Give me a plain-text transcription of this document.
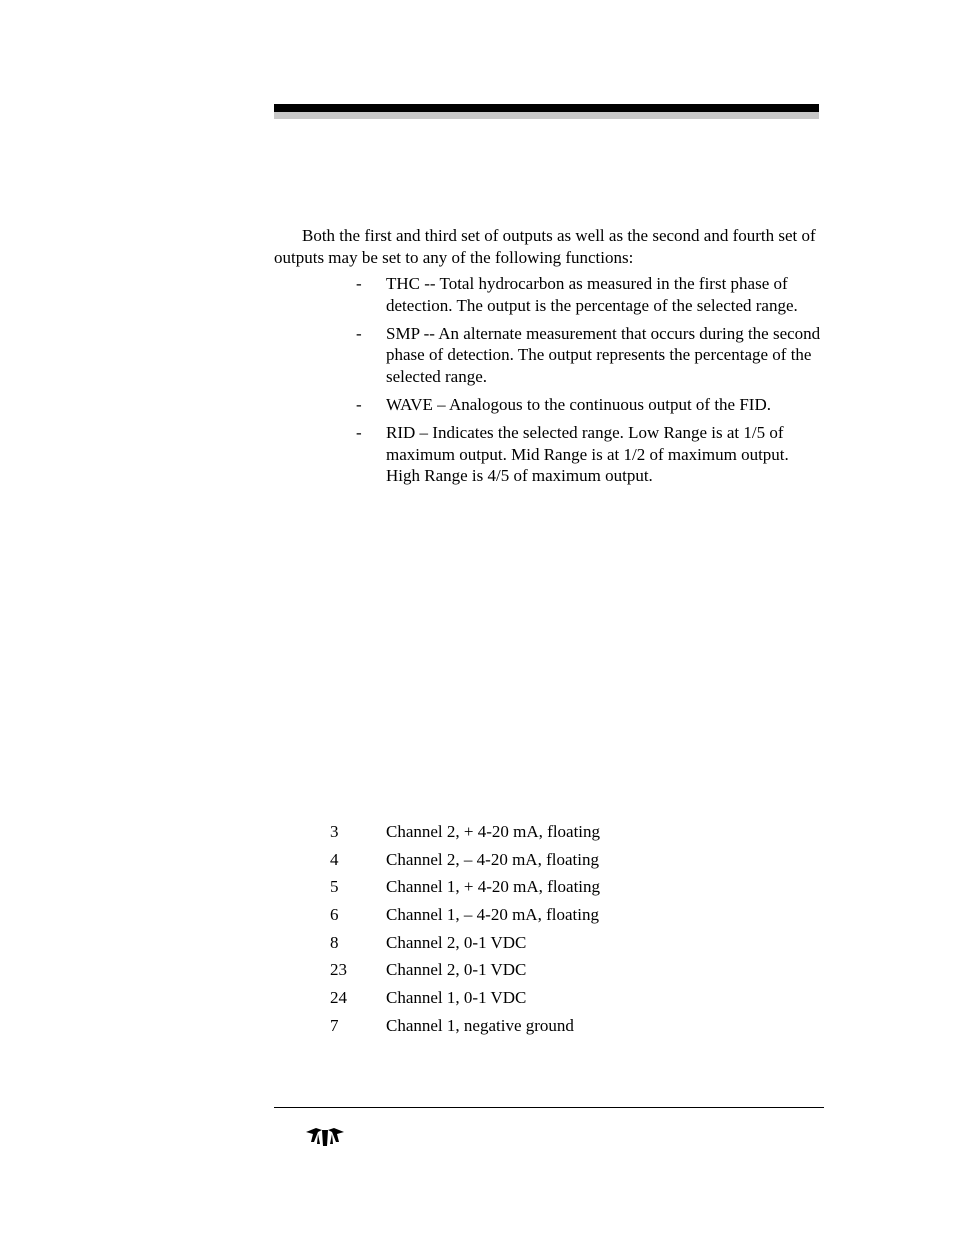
Both the first and third set of outputs as well as the second and fourth set of outputs may be set to any of the following functions:

-	THC -- Total hydrocarbon as measured in the first phase of detection. The output is the percentage of the selected range.
-	SMP -- An alternate measurement that occurs during the second phase of detection. The output represents the percentage of the selected range.
-	WAVE – Analogous to the continuous output of the FID.
-	RID – Indicates the selected range. Low Range is at 1/5 of maximum output. Mid Range is at 1/2 of maximum output. High Range is 4/5 of maximum output.
3	Channel 2, + 4-20 mA, floating
4	Channel 2, – 4-20 mA, floating
5	Channel 1, + 4-20 mA, floating
6	Channel 1, – 4-20 mA, floating
8	Channel 2, 0-1 VDC
23	Channel 2, 0-1 VDC
24	Channel 1, 0-1 VDC
7	Channel 1, negative ground
